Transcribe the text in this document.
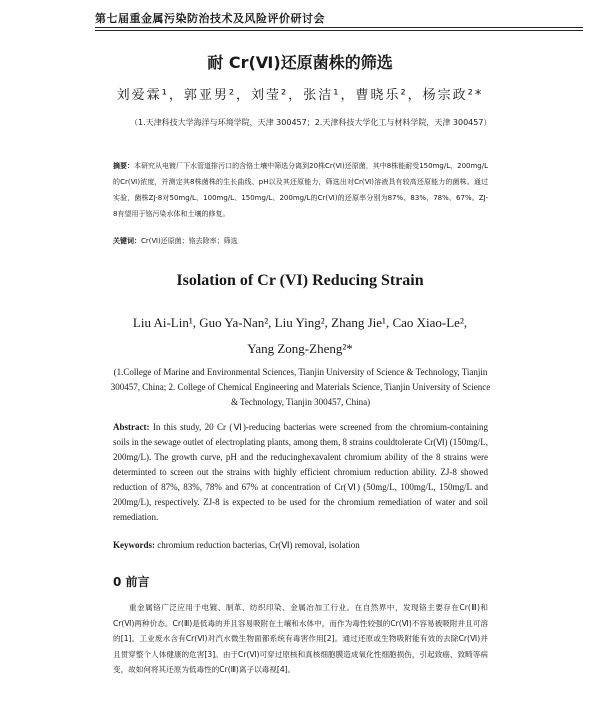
第七届重金属污染防治技术及风险评价研讨会
耐 Cr(Ⅵ)还原菌株的筛选
刘爱霖¹，郭亚男²，刘莹²，张洁¹，曹晓乐²，杨宗政²*
（1.天津科技大学海洋与环境学院，天津 300457；2.天津科技大学化工与材料学院，天津 300457）
摘要：本研究从电镀厂下水管道排污口的含铬土壤中筛选分离到20株Cr(Ⅵ)还原菌，其中8株能耐受150mg/L、200mg/L的Cr(Ⅵ)浓度，并测定其8株菌株的生长曲线、pH以及其还原能力，筛选出对Cr(Ⅵ)溶液具有较高还原能力的菌株。通过实验，菌株ZJ-8对50mg/L、100mg/L、150mg/L、200mg/L的Cr(Ⅵ)的还原率分别为87%、83%、78%、67%。ZJ-8有望用于铬污染水体和土壤的修复。
关键词：Cr(Ⅵ)还原菌；铬去除率；筛选
Isolation of Cr (VI) Reducing Strain
Liu Ai-Lin¹, Guo Ya-Nan², Liu Ying², Zhang Jie¹, Cao Xiao-Le²,
Yang Zong-Zheng²*
(1.College of Marine and Environmental Sciences, Tianjin University of Science & Technology, Tianjin 300457, China; 2. College of Chemical Engineering and Materials Science, Tianjin University of Science & Technology, Tianjin 300457, China)
Abstract: In this study, 20 Cr (Ⅵ)-reducing bacterias were screened from the chromium-containing soils in the sewage outlet of electroplating plants, among them, 8 strains couldtolerate Cr(Ⅵ) (150mg/L, 200mg/L). The growth curve, pH and the reducinghexavalent chromium ability of the 8 strains were determinted to screen out the strains with highly efficient chromium reduction ability. ZJ-8 showed reduction of 87%, 83%, 78% and 67% at concentration of Cr(Ⅵ) (50mg/L, 100mg/L, 150mg/L and 200mg/L), respectively. ZJ-8 is expected to be used for the chromium remediation of water and soil remediation.
Keywords: chromium reduction bacterias, Cr(Ⅵ) removal, isolation
0 前言
重金属铬广泛应用于电镀、制革、纺织印染、金属冶加工行业。在自然界中，发现铬主要存在Cr(Ⅲ)和Cr(Ⅵ)两种价态。Cr(Ⅲ)是低毒的并且容易吸附在土壤和水体中，而作为毒性较强的Cr(Ⅵ)不容易被吸附并且可溶的[1]。工业废水含有Cr(Ⅵ)对汽水微生物面都系统有毒害作用[2]。通过还原或生物吸附能有效的去除Cr(Ⅵ)并且贯穿整个人体健康的危害[3]。由于Cr(Ⅵ)可穿过原核和真核细胞膜造成氧化性细胞损伤，引起致癌、致畸等病变，故如何将其还原为低毒性的Cr(Ⅲ)离子以毒视[4]。
